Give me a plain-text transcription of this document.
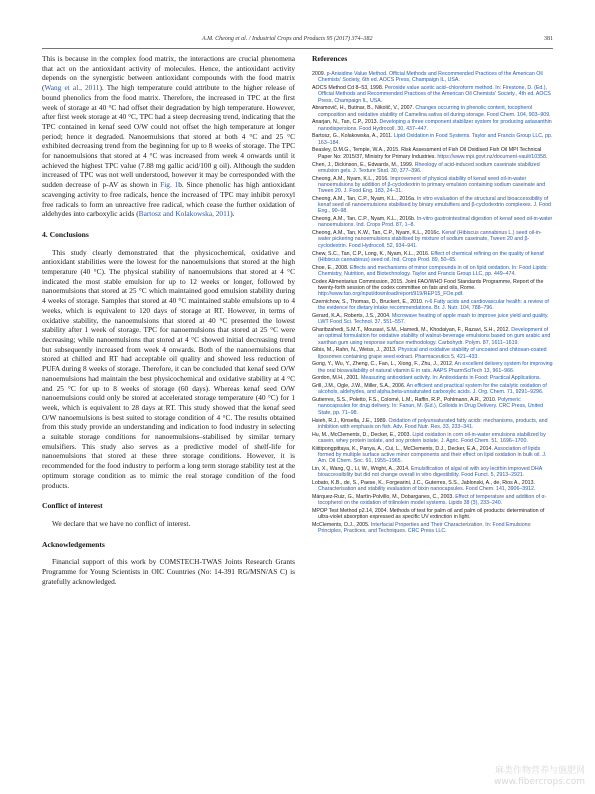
A.M. Cheong et al. / Industrial Crops and Products 95 (2017) 374–382	381

This is because in the complex food matrix, the interactions are crucial phenomena that act on the antioxidant activity of molecules. Hence, the antioxidant activity depends on the synergistic between antioxidant compounds with the food matrix (Wang et al., 2011). The high temperature could attribute to the higher release of bound phenolics from the food matrix. Therefore, the increased in TPC at the first week of storage at 40 °C had offset their degradation by high temperature. However, after first week storage at 40 °C, TPC had a steep decreasing trend, indicating that the TPC contained in kenaf seed O/W could not offset the high temperature at longer period; hence it degraded. Nanoemulsions that stored at both 4 °C and 25 °C exhibited decreasing trend from the beginning for up to 8 weeks of storage. The TPC for nanoemulsions that stored at 4 °C was increased from week 4 onwards until it achieved the highest TPC value (7.88 mg gallic acid/100 g oil). Although the sudden increased of TPC was not well understood, however it may be corresponded with the sudden decrease of p-AV as shown in Fig. 1b. Since phenolic has high antioxidant scavenging activity to free radicals, hence the increased of TPC may inhibit peroxyl free radicals to form an unreactive free radical, which cease the further oxidation of aldehydes into carboxylic acids (Bartosz and Kolakowska, 2011).

4. Conclusions

This study clearly demonstrated that the physicochemical, oxidative and antioxidant stabilities were the lowest for the nanoemulsions that stored at the high temperature (40 °C). The physical stability of nanoemulsions that stored at 4 °C indicated the most stable emulsion for up to 12 weeks or longer, followed by nanoemulsions that stored at 25 °C which maintained good emulsion stability during 4 weeks of storage. Samples that stored at 40 °C maintained stable emulsions up to 4 weeks, which is equivalent to 120 days of storage at RT. However, in terms of oxidative stability, the nanoemulsions that stored at 40 °C presented the lowest stability after 1 week of storage. TPC for nanoemulsions that stored at 25 °C were decreasing; while nanoemulsions that stored at 4 °C showed initial decreasing trend but subsequently increased from week 4 onwards. Both of the nanoemulsions that stored at chilled and RT had acceptable oil quality and showed less reduction of PUFA during 8 weeks of storage. Therefore, it can be concluded that kenaf seed O/W nanoemulsions had maintain the best physicochemical and oxidative stability at 4 °C and 25 °C for up to 8 weeks of storage (60 days). Whereas kenaf seed O/W nanoemulsions could only be stored at accelerated storage temperature (40 °C) for 1 week, which is equivalent to 28 days at RT. This study showed that the kenaf seed O/W nanoemulsions is best suited to storage condition of 4 °C. The results obtained from this study provide an understanding and indication to food industry in selecting a suitable storage conditions for nanoemulsions–stabilised by similar ternary emulsifiers. This study also serves as a predictive model of shelf-life for nanoemulsions that stored at these three storage conditions. However, it is recommended for the food industry to perform a long term storage stability test at the optimum storage condition as to mimic the real storage condition of the food products.

Conflict of interest

We declare that we have no conflict of interest.

Acknowledgements

Financial support of this work by COMSTECH-TWAS Joints Research Grants Programme for Young Scientists in OIC Countries (No: 14-391 RG/MSN/AS C) is gratefully acknowledged.

References

2009. p-Anisidine Value Method. Official Methods and Recommended Practices of the American Oil Chemists' Society, 6th ed. AOCS Press, Champaign IL, USA.

AOCS Method Cd 8–53, 1998. Peroxide value acetic acid–chloroform method. In: Firestone, D. (Ed.), Official Methods and Recommended Practices of the American Oil Chemists' Society., 4th ed. AOCS Press, Champaign IL, USA.

Abramovič, H., Butinar, B., Nikolič, V., 2007. Changes occurring in phenolic content, tocopherol composition and oxidative stability of Camelina sativa oil during storage. Food Chem. 104, 903–909.

Anarjan, N., Tan, C.P., 2013. Developing a three component stabilizer system for producing astaxanthin nanodispersions. Food Hydrocoll. 30, 437–447.

Bartosz, G., Kolakowska, A., 2011. Lipid Oxidation in Food Systems. Taylor and Francis Group LLC, pp. 163–184.

Beasley, D.M.G., Temple, W.A., 2015. Risk Assessment of Fish Oil Oxidised Fish Oil MPI Technical Paper No: 2015/37, Ministry for Primary Industries. https://www.mpi.govt.nz/document-vault/10358.

Chen, J., Dickinson, E., Edwards, M., 1999. Rheology of acid-induced sodium caseinate stabilized emulsion gels. J. Texture Stud. 30, 377–396.

Cheong, A.M., Nyam, K.L., 2016. Improvement of physical stability of kenaf seed oil-in-water nanoemulsions by addition of β-cyclodextrin to primary emulsion containing sodium caseinate and Tween 20. J. Food Eng. 183, 24–31.

Cheong, A.M., Tan, C.P., Nyam, K.L., 2016a. In vitro evaluation of the structural and bioaccessibility of kenaf seed oil nanoemulsions stabilised by binary emulsifiers and β-cyclodextrin complexes. J. Food Eng., 90–98.

Cheong, A.M., Tan, C.P., Nyam, K.L., 2016b. In-vitro gastrointestinal digestion of kenaf seed oil-in-water nanoemulsions. Ind. Crops Prod. 87, 1–8.

Cheong, A.M., Tan, K.W., Tan, C.P., Nyam, K.L., 2016c. Kenaf (Hibiscus cannabinus L.) seed oil-in-water pickering nanoemulsions stabilised by mixture of sodium caseinate, Tween 20 and β-cyclodextrin. Food Hydrocoll. 52, 934–941.

Chew, S.C., Tan, C.P., Long, K., Nyam, K.L., 2016. Effect of chemical refining on the quality of kenaf (Hibiscus cannabinus) seed oil. Ind. Crops Prod. 89, 50–65.

Choe, E., 2008. Effects and mechanisms of minor compounds in oil on lipid oxidation. In: Food Lipids: Chemistry, Nutrition, and Biotechnology. Taylor and Francis Group LLC, pp. 449–474.

Codex Alimentarius Commission, 2015. Joint FAO/WHO Food Standards Programme, Report of the twenty-forth session of the codex committee on fats and oils, Rome. http://www.fao.org/input/download/report/919/REP15_FOe.pdf.

Czernichow, S., Thomas, D., Bruckert, E., 2010. n-6 Fatty acids and cardiovascular health: a review of the evidence for dietary intake recommendations. Br. J. Nutr. 104, 788–796.

Gerard, K.A., Roberts, J.S., 2004. Microwave heating of apple mash to improve juice yield and quality. LWT Food Sci. Technol. 37, 551–557.

Gharibzahedi, S.M.T., Mousavi, S.M., Hamedi, M., Khodaiyan, F., Razavi, S.H., 2012. Development of an optimal formulation for oxidative stability of walnut-beverage emulsions based on gum arabic and xanthan gum using response surface methodology. Carbohydr. Polym. 87, 1611–1619.

Gibis, M., Rahn, N., Weiss, J., 2013. Physical and oxidative stability of uncoated and chitosan-coated liposomes containing grape seed extract. Pharmaceutics 5, 421–433.

Gong, Y., Wu, Y., Zheng, C., Fan, L., Xiong, F., Zhu, J., 2012. An excellent delivery system for improving the oral bioavailability of natural vitamin E in rats. AAPS PharmSciTech 13, 961–966.

Gordon, M.H., 2001. Measuring antioxidant activity. In: Antioxidants in Food: Practical Applications.

Grill, J.M., Ogle, J.W., Miller, S.A., 2006. An efficient and practical system for the catalytic oxidation of alcohols, aldehydes, and alpha,beta-unsaturated carboxylic acids. J. Org. Chem. 71, 9291–9296.

Gutierres, S.S., Poletto, F.S., Colomé, L.M., Raffin, R.P., Pohlmann, A.R., 2010. Polymeric nanocapsules for drug delivery. In: Fanun, M. (Ed.), Colloids in Drug Delivery. CRC Press, United State, pp. 71–98.

Hsieh, R.J., Kinsella, J.E., 1989. Oxidation of polyunsaturated fatty acids: mechanisms, products, and inhibition with emphasis on fish. Adv. Food Nutr. Res. 33, 233–341.

Hu, M., McClements, D., Decker, E., 2003. Lipid oxidation in corn oil-in-water emulsions stabilized by casein, whey protein isolate, and soy protein isolate. J. Agric. Food Chem. 51, 1696–1700.

Kiittipongpittaya, K., Panya, A., Cui, L., McClements, D.J., Decker, E.A., 2014. Association of lipids formed by multiple surface active minor components and their effect on lipid oxidation in bulk oil. J. Am. Oil Chem. Soc. 91, 1955–1965.

Lin, X., Wang, Q., Li, W., Wright, A., 2014. Emulsification of algal oil with soy lecithin improved DHA bioaccessibility but did not change overall in vitro digestibility. Food Funct. 5, 2913–2921.

Lobato, K.B., de, S., Paese, K., Forgearini, J.C., Guterres, S.S., Jablonski, A., de, Rios A., 2013. Characterisation and stability evaluation of bixin nanocapsules. Food Chem. 141, 3906–3912.

Márquez-Ruiz, G., Martín-Polvillo, M., Dobarganes, C., 2003. Effect of temperature and addition of α-tocopherol on the oxidation of trilinolein model systems. Lipids 38 (3), 233–240.

MPOP Test Method p2.14, 2004. Methods of test for palm oil and palm oil products: determination of ultra-violet absorption expressed as specific UV extinction in light.

McClements, D.J., 2005. Interfacial Properties and Their Characterization. In: Food Emulsions: Principles, Practices, and Techniques. CRC Press LLC.

麻类作物营养与施肥网
www.fibercrops.com
